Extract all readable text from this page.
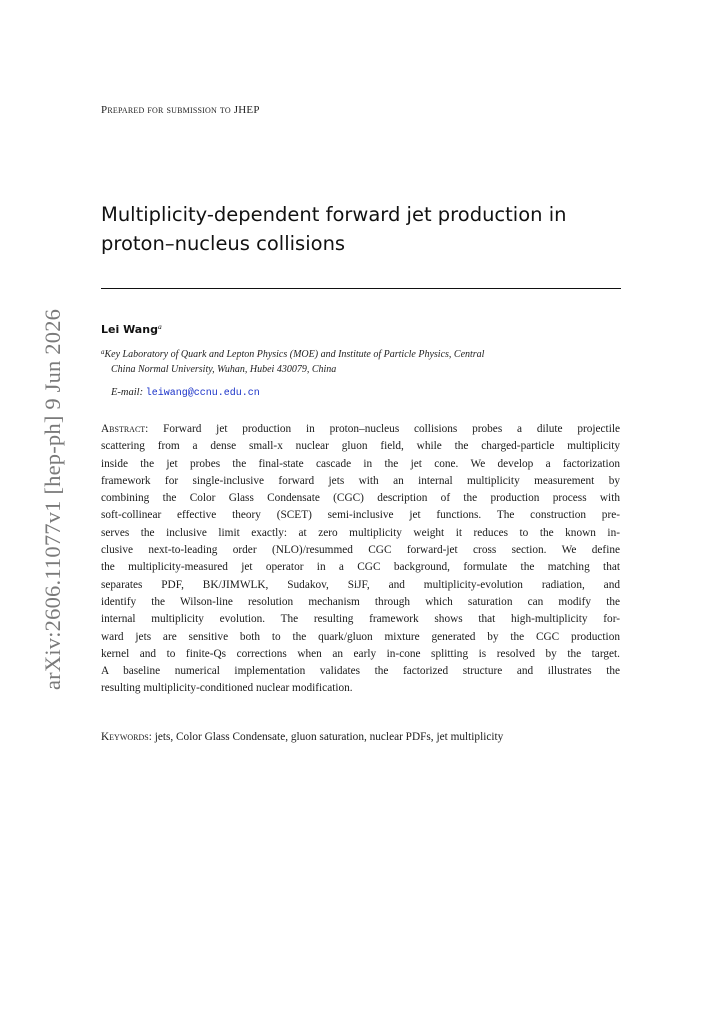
Prepared for submission to JHEP
Multiplicity-dependent forward jet production in
proton–nucleus collisions
Lei Wang$^a$
$^a$Key Laboratory of Quark and Lepton Physics (MOE) and Institute of Particle Physics, Central
China Normal University, Wuhan, Hubei 430079, China
E-mail: leiwang@ccnu.edu.cn
Abstract: Forward jet production in proton–nucleus collisions probes a dilute projectile
scattering from a dense small-x nuclear gluon field, while the charged-particle multiplicity
inside the jet probes the final-state cascade in the jet cone. We develop a factorization
framework for single-inclusive forward jets with an internal multiplicity measurement by
combining the Color Glass Condensate (CGC) description of the production process with
soft-collinear effective theory (SCET) semi-inclusive jet functions. The construction pre-
serves the inclusive limit exactly: at zero multiplicity weight it reduces to the known in-
clusive next-to-leading order (NLO)/resummed CGC forward-jet cross section. We define
the multiplicity-measured jet operator in a CGC background, formulate the matching that
separates PDF, BK/JIMWLK, Sudakov, SiJF, and multiplicity-evolution radiation, and
identify the Wilson-line resolution mechanism through which saturation can modify the
internal multiplicity evolution. The resulting framework shows that high-multiplicity for-
ward jets are sensitive both to the quark/gluon mixture generated by the CGC production
kernel and to finite-Qs corrections when an early in-cone splitting is resolved by the target.
A baseline numerical implementation validates the factorized structure and illustrates the
resulting multiplicity-conditioned nuclear modification.
Keywords: jets, Color Glass Condensate, gluon saturation, nuclear PDFs, jet multiplicity
arXiv:2606.11077v1 [hep-ph] 9 Jun 2026
